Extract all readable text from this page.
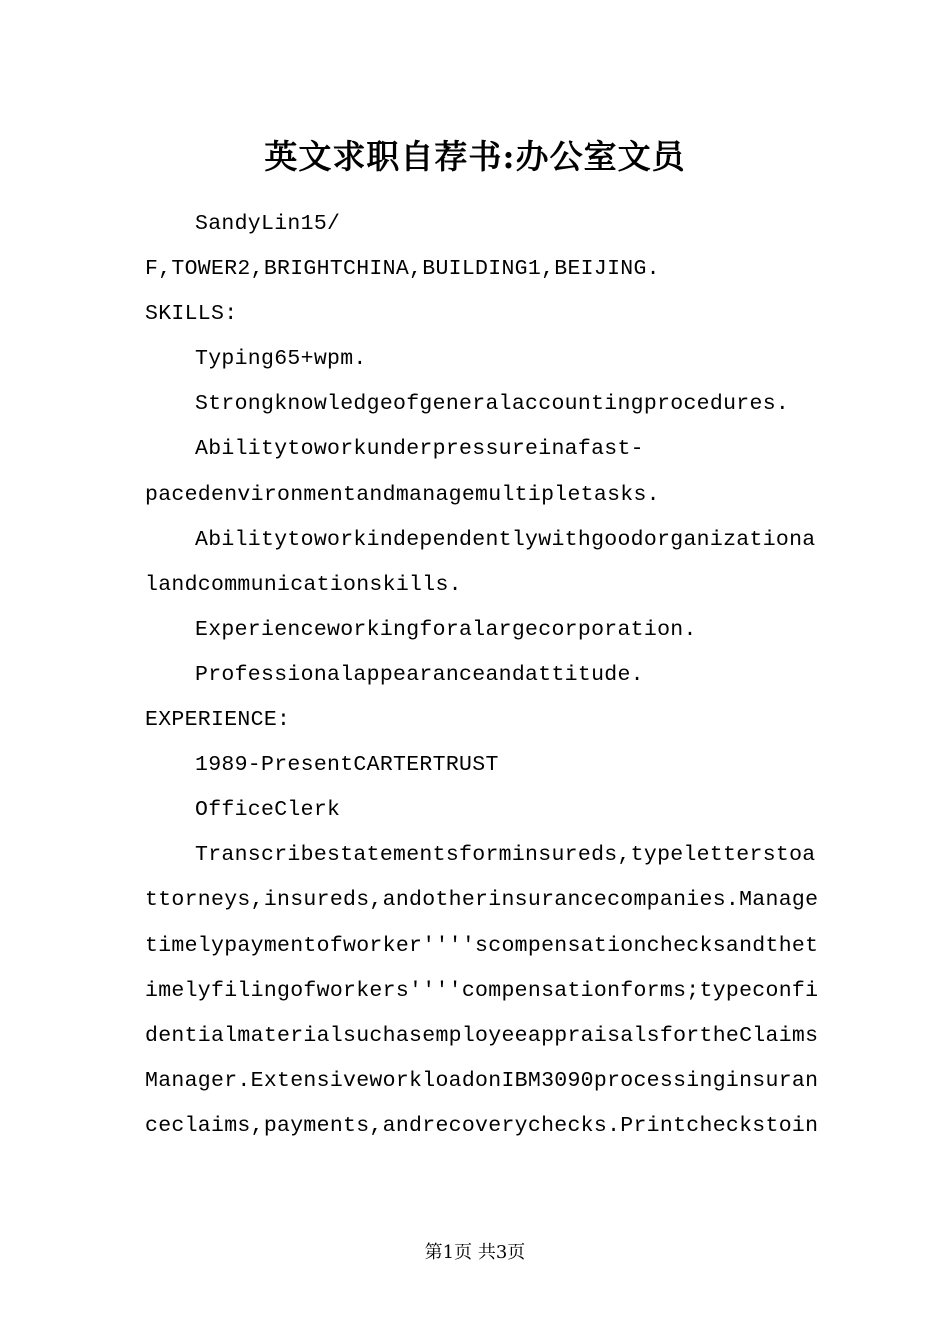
英文求职自荐书:办公室文员
SandyLin15/
F,TOWER2,BRIGHTCHINA,BUILDING1,BEIJING.
SKILLS:
Typing65+wpm.
Strongknowledgeofgeneralaccountingprocedures.
Abilitytoworkunderpressureinafast-
pacedenvironmentandmanagemultipletasks.
Abilitytoworkindependentlywithgoodorganizationa
landcommunicationskills.
Experienceworkingforalargecorporation.
Professionalappearanceandattitude.
EXPERIENCE:
1989-PresentCARTERTRUST
OfficeClerk
Transcribestatementsforminsureds,typeletterstoa
ttorneys,insureds,andotherinsurancecompanies.Manage
timelypaymentofworker''''scompensationchecksandthet
imelyfilingofworkers''''compensationforms;typeconfi
dentialmaterialsuchasemployeeappraisalsfortheClaims
Manager.ExtensiveworkloadonIBM3090processinginsuran
ceclaims,payments,andrecoverychecks.Printcheckstoin
第1页 共3页
